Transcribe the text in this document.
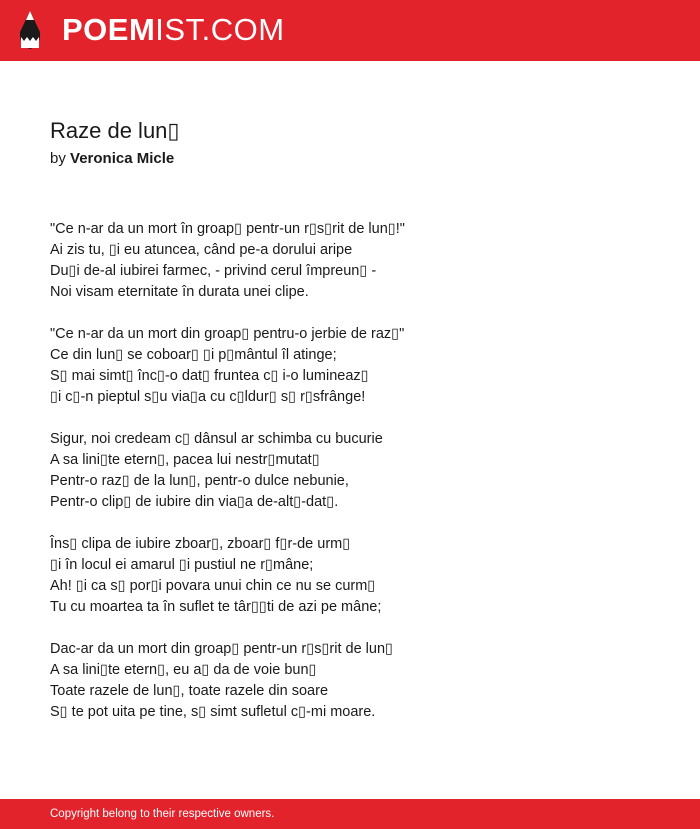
POEMIST.COM
Raze de lun▯
by Veronica Micle
"Ce n-ar da un mort în groap▯ pentr-un r▯s▯rit de lun▯!"
Ai zis tu, ▯i eu atuncea, când pe-a dorului aripe
Du▯i de-al iubirei farmec, - privind cerul împreun▯ -
Noi visam eternitate în durata unei clipe.
"Ce n-ar da un mort din groap▯ pentru-o jerbie de raz▯"
Ce din lun▯ se coboar▯ ▯i p▯mântul îl atinge;
S▯ mai simt▯ înc▯-o dat▯ fruntea c▯ i-o lumineaz▯
▯i c▯-n pieptul s▯u via▯a cu c▯ldur▯ s▯ r▯sfrânge!
Sigur, noi credeam c▯ dânsul ar schimba cu bucurie
A sa lini▯te etern▯, pacea lui nestr▯mutat▯
Pentr-o raz▯ de la lun▯, pentr-o dulce nebunie,
Pentr-o clip▯ de iubire din via▯a de-alt▯-dat▯.
Îns▯ clipa de iubire zboar▯, zboar▯ f▯r-de urm▯
▯i în locul ei amarul ▯i pustiul ne r▯mâne;
Ah! ▯i ca s▯ por▯i povara unui chin ce nu se curm▯
Tu cu moartea ta în suflet te târ▯▯ti de azi pe mâne;
Dac-ar da un mort din groap▯ pentr-un r▯s▯rit de lun▯
A sa lini▯te etern▯, eu a▯ da de voie bun▯
Toate razele de lun▯, toate razele din soare
S▯ te pot uita pe tine, s▯ simt sufletul c▯-mi moare.
Copyright belong to their respective owners.
